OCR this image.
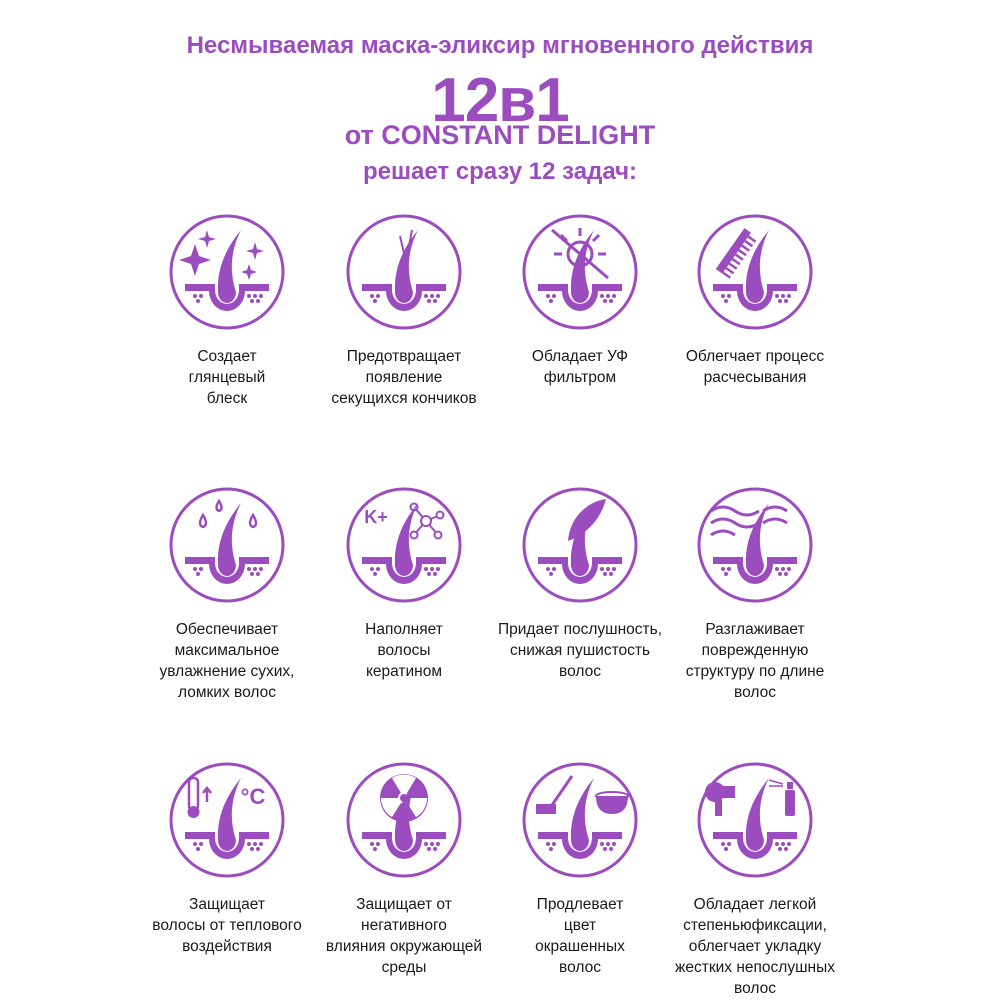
Несмываемая маска-эликсир мгновенного действия
12в1
от CONSTANT DELIGHT
решает сразу 12 задач:
Создает
глянцевый
блеск
Предотвращает
появление
секущихся кончиков
Обладает УФ
фильтром
Облегчает процесс
расчесывания
Обеспечивает
максимальное
увлажнение сухих,
ломких волос
K+
Наполняет
волосы
кератином
Придает послушность,
снижая пушистость
волос
Разглаживает
поврежденную
структуру по длине
волос
°C
Защищает
волосы от теплового
воздействия
Защищает от
негативного
влияния окружающей
среды
Продлевает
цвет
окрашенных
волос
Обладает легкой
степеньюфиксации,
облегчает укладку
жестких непослушных
волос
